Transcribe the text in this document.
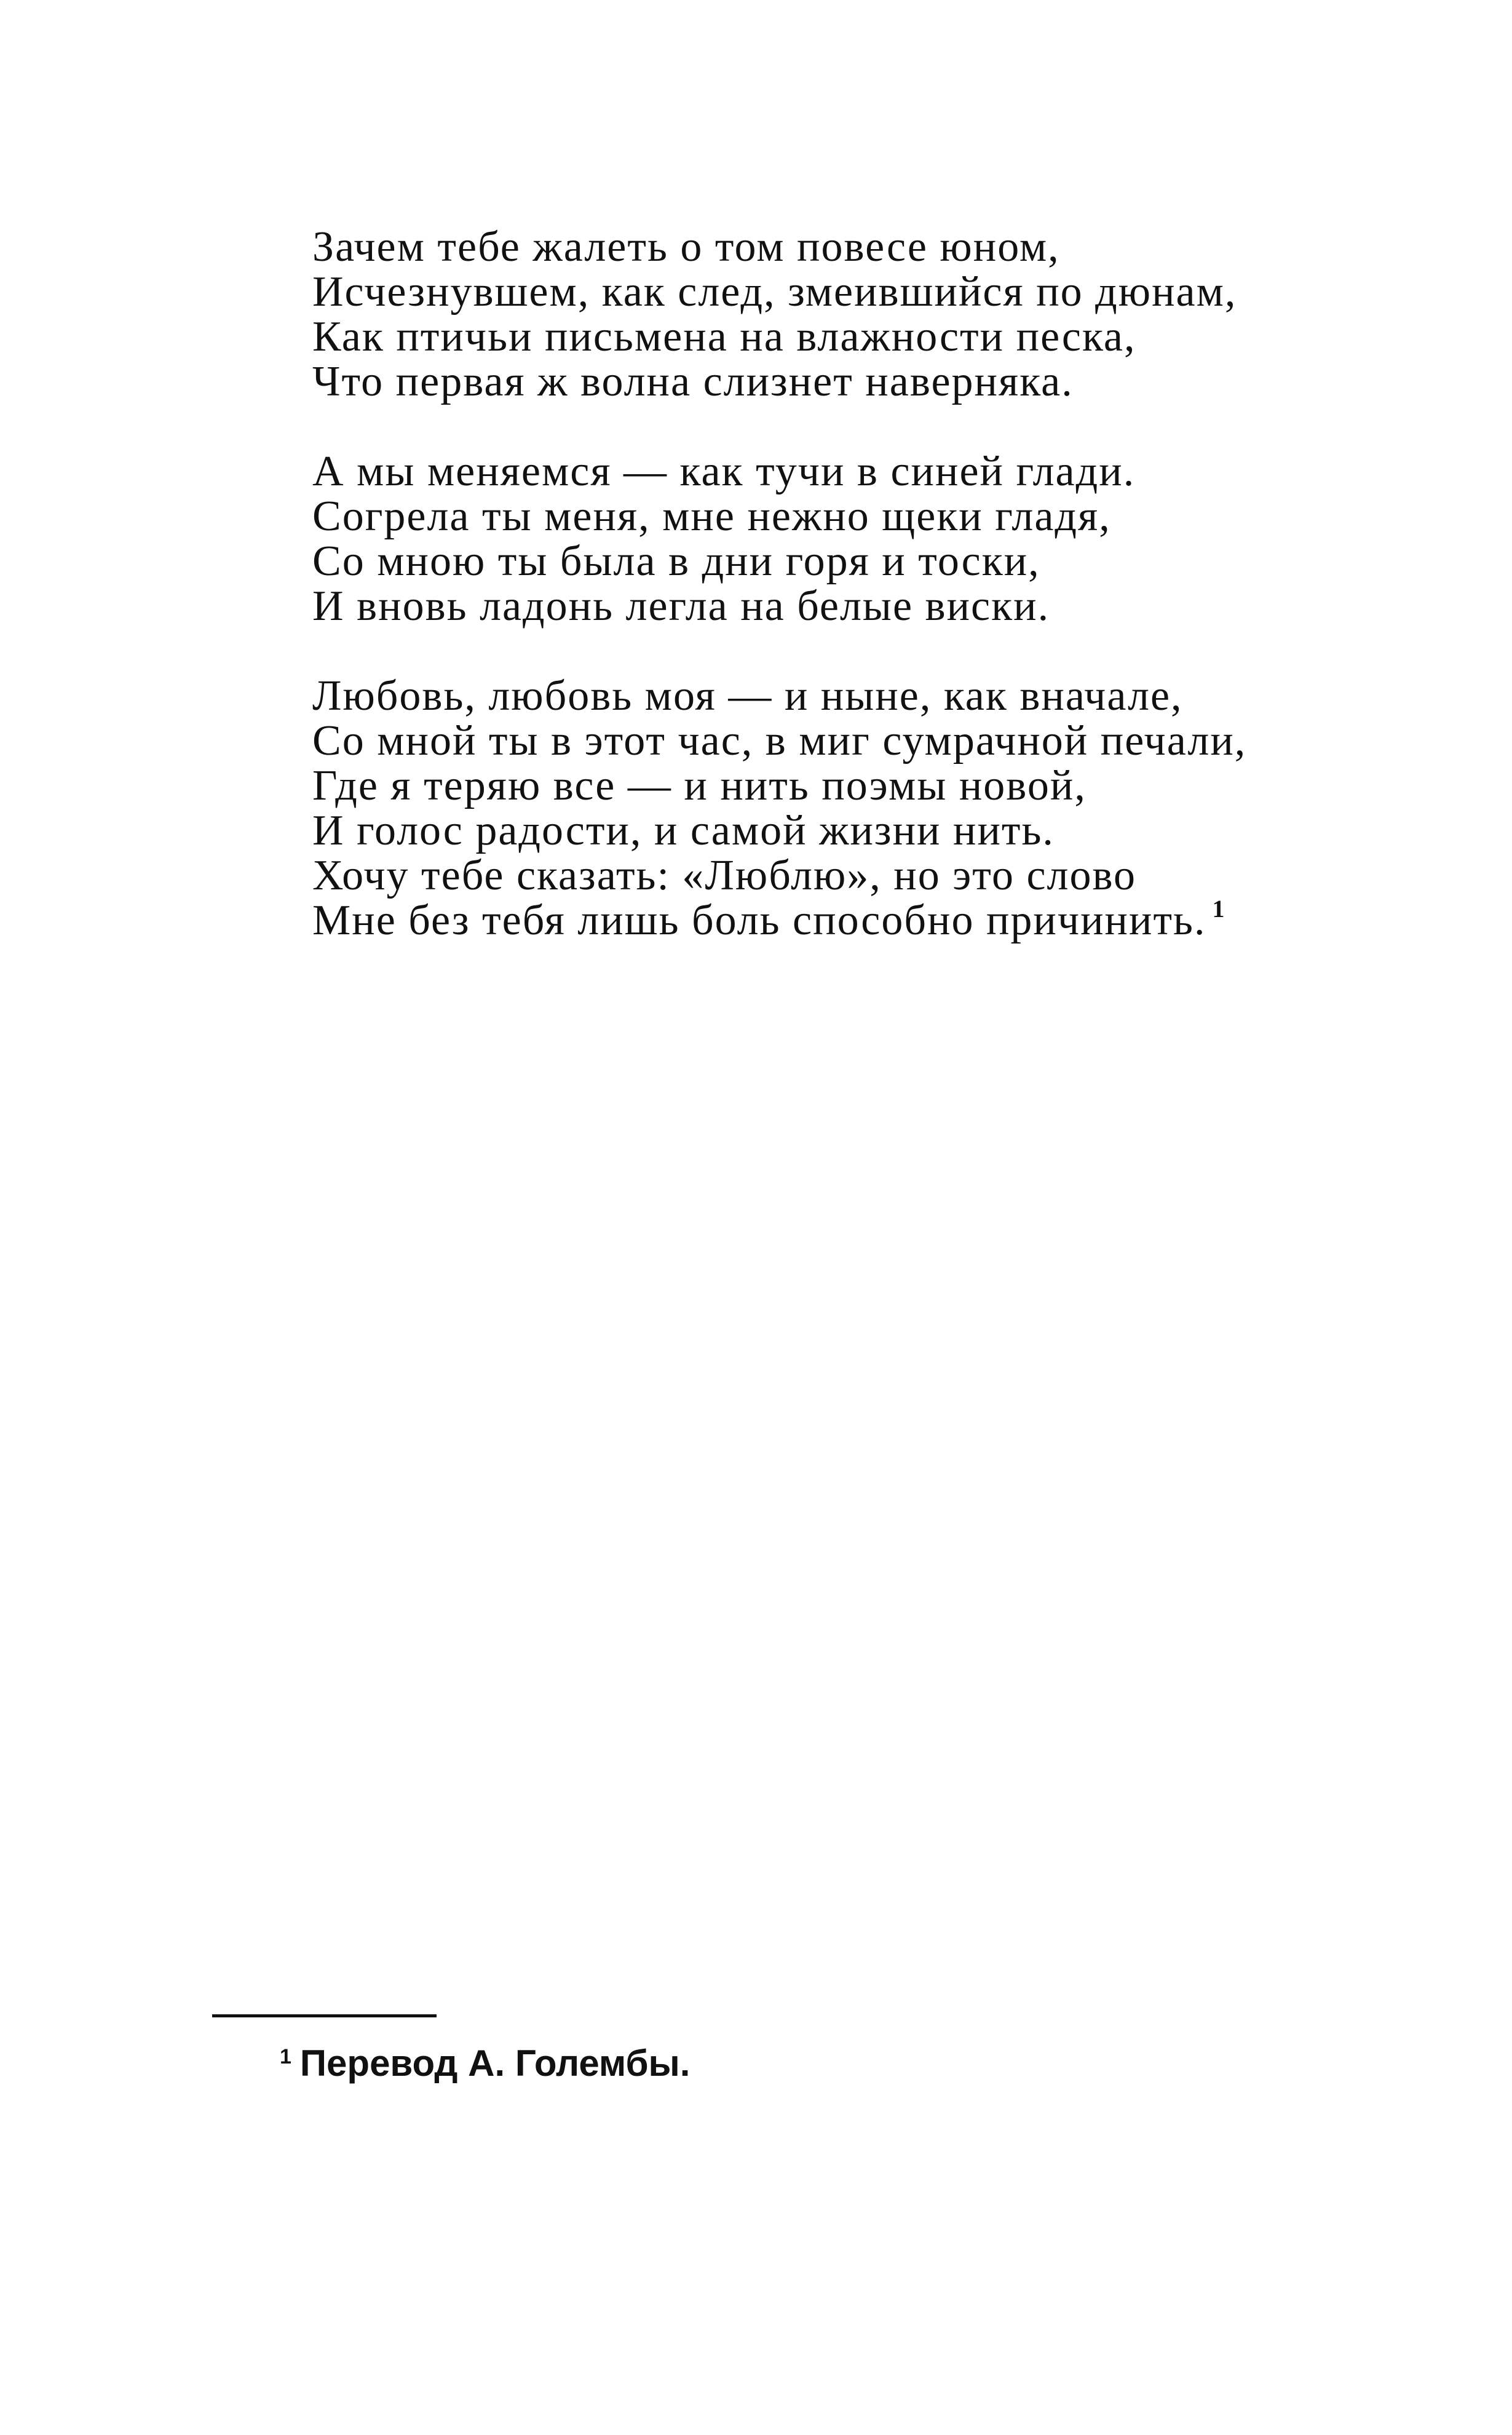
Зачем тебе жалеть о том повесе юном,
Исчезнувшем, как след, змеившийся по дюнам,
Как птичьи письмена на влажности песка,
Что первая ж волна слизнет наверняка.
А мы меняемся — как тучи в синей глади.
Согрела ты меня, мне нежно щеки гладя,
Со мною ты была в дни горя и тоски,
И вновь ладонь легла на белые виски.
Любовь, любовь моя — и ныне, как вначале,
Со мной ты в этот час, в миг сумрачной печали,
Где я теряю все — и нить поэмы новой,
И голос радости, и самой жизни нить.
Хочу тебе сказать: «Люблю», но это слово
Мне без тебя лишь боль способно причинить. $^1$
$^1$ Перевод А. Голембы.
